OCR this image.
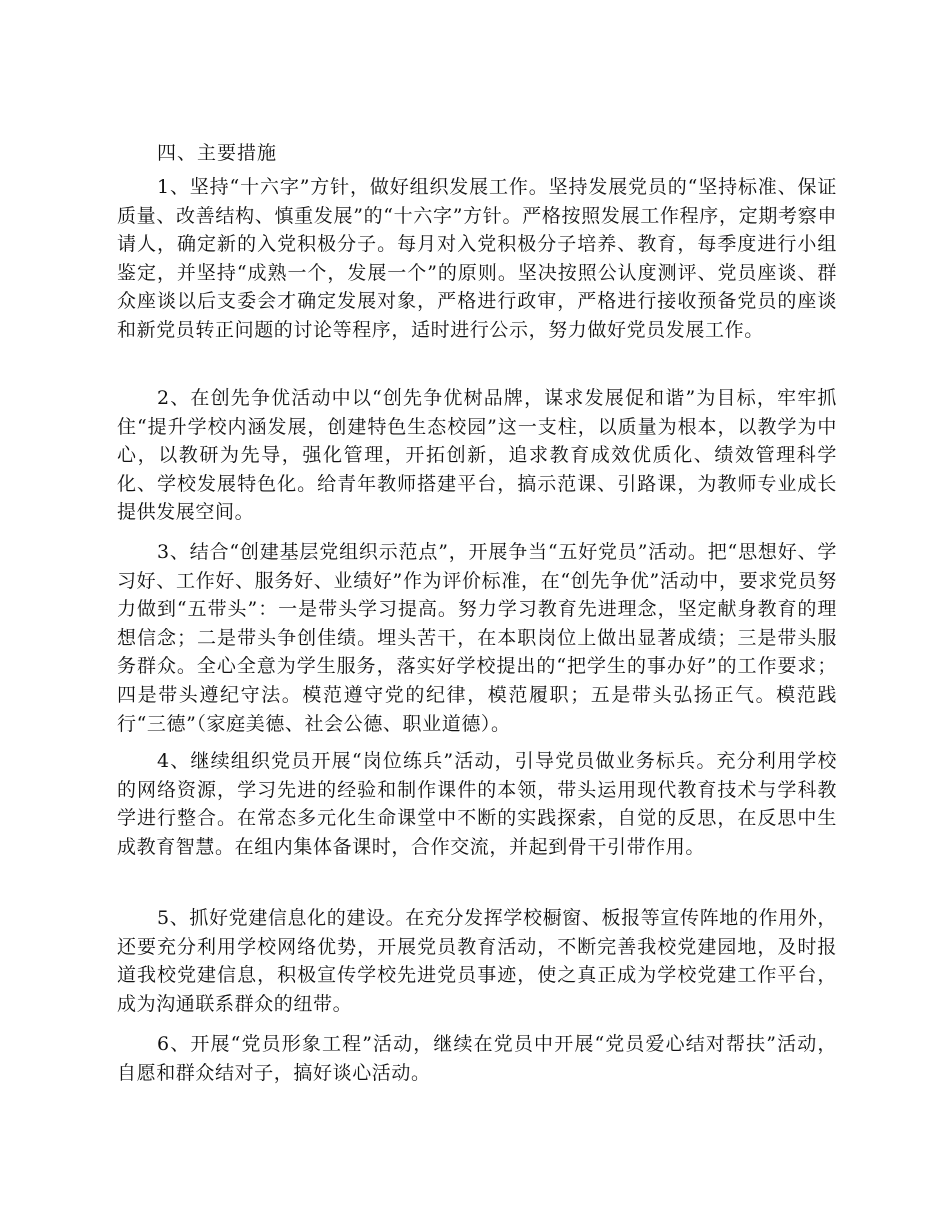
四、主要措施

1、坚持“十六字”方针，做好组织发展工作。坚持发展党员的“坚持标准、保证质量、改善结构、慎重发展”的“十六字”方针。严格按照发展工作程序，定期考察申请人，确定新的入党积极分子。每月对入党积极分子培养、教育，每季度进行小组鉴定，并坚持“成熟一个，发展一个”的原则。坚决按照公认度测评、党员座谈、群众座谈以后支委会才确定发展对象，严格进行政审，严格进行接收预备党员的座谈和新党员转正问题的讨论等程序，适时进行公示，努力做好党员发展工作。

2、在创先争优活动中以“创先争优树品牌，谋求发展促和谐”为目标，牢牢抓住“提升学校内涵发展，创建特色生态校园”这一支柱，以质量为根本，以教学为中心，以教研为先导，强化管理，开拓创新，追求教育成效优质化、绩效管理科学化、学校发展特色化。给青年教师搭建平台，搞示范课、引路课，为教师专业成长提供发展空间。

3、结合“创建基层党组织示范点”，开展争当“五好党员”活动。把“思想好、学习好、工作好、服务好、业绩好”作为评价标准，在“创先争优”活动中，要求党员努力做到“五带头”：一是带头学习提高。努力学习教育先进理念，坚定献身教育的理想信念；二是带头争创佳绩。埋头苦干，在本职岗位上做出显著成绩；三是带头服务群众。全心全意为学生服务，落实好学校提出的“把学生的事办好”的工作要求；四是带头遵纪守法。模范遵守党的纪律，模范履职；五是带头弘扬正气。模范践行“三德”（家庭美德、社会公德、职业道德）。

4、继续组织党员开展“岗位练兵”活动，引导党员做业务标兵。充分利用学校的网络资源，学习先进的经验和制作课件的本领，带头运用现代教育技术与学科教学进行整合。在常态多元化生命课堂中不断的实践探索，自觉的反思，在反思中生成教育智慧。在组内集体备课时，合作交流，并起到骨干引带作用。

5、抓好党建信息化的建设。在充分发挥学校橱窗、板报等宣传阵地的作用外，还要充分利用学校网络优势，开展党员教育活动，不断完善我校党建园地，及时报道我校党建信息，积极宣传学校先进党员事迹，使之真正成为学校党建工作平台，成为沟通联系群众的纽带。

6、开展“党员形象工程”活动，继续在党员中开展“党员爱心结对帮扶”活动，自愿和群众结对子，搞好谈心活动。
